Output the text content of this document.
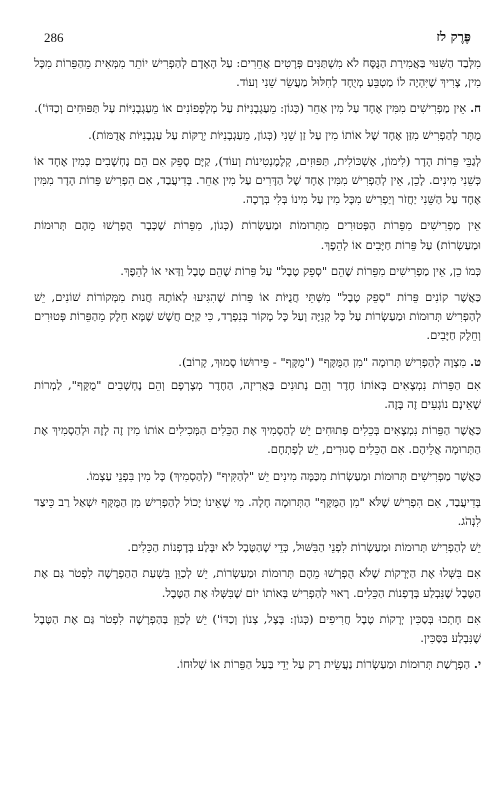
286	פֶּרֶק לז

מִלְּבַד הַשִּׁנּוּי בַּאֲמִירַת הַנֻּסָּח לֹא מִשְׁתַּנִּים פְּרָטִים אֲחֵרִים: עַל הָאָדָם לְהַפְרִישׁ יוֹתֵר מִמְּאִית מֵהַפֵּרוֹת מִכָּל מִין, צָרִיךְ שֶׁיִּהְיֶה לוֹ מַטְבֵּעַ מְיֻחָד לְחִלּוּל מַעֲשֵׂר שֵׁנִי וְעוֹד.

ח. אֵין מַפְרִישִׁים מִמִּין אֶחָד עַל מִין אַחֵר (כְּגוֹן: מֵעַגְבָנִיּוֹת עַל מְלָפְפוֹנִים אוֹ מֵעַגְבָנִיּוֹת עַל תַּפּוּחִים וְכַדּוֹ').

מֻתָּר לְהַפְרִישׁ מִזַּן אֶחָד שֶׁל אוֹתוֹ מִין עַל זַן שֵׁנִי (כְּגוֹן, מֵעַגְבָנִיּוֹת יְרֻקּוֹת עַל עַגְבָנִיּוֹת אֲדֻמּוֹת).

לְגַבֵּי פֵּרוֹת הָדָר (לִימוֹן, אֶשְׁכּוֹלִית, תַּפּוּזִים, קְלֶמֶנְטִינוֹת וְעוֹד), קַיָּם סָפֵק אִם הֵם נֶחְשָׁבִים כְּמִין אֶחָד אוֹ כְּשֵׁנִי מִינִים. לָכֵן, אֵין לְהַפְרִישׁ מִמִּין אֶחָד שֶׁל הַדָּרִים עַל מִין אַחֵר. בְּדִיעֲבַד, אִם הִפְרִישׁ פֵּרוֹת הָדָר מִמִּין אֶחָד עַל הַשֵּׁנִי יַחֲזֹר וְיַפְרִישׁ מִכָּל מִין עַל מִינוֹ בְּלִי בְּרָכָה.

אֵין מַפְרִישִׁים מִפֵּרוֹת הַפְּטוּרִים מִתְּרוּמוֹת וּמַעַשְׂרוֹת (כְּגוֹן, מִפֵּרוֹת שֶׁכְּבָר הֻפְרְשׁוּ מֵהֶם תְּרוּמוֹת וּמַעַשְׂרוֹת) עַל פֵּרוֹת חַיָּבִים אוֹ לְהֵפֶךְ.

כְּמוֹ כֵן, אֵין מַפְרִישִׁים מִפֵּרוֹת שֶׁהֵם "סְפֵק טֶבֶל" עַל פֵּרוֹת שֶׁהֵם טֶבֶל וַדַּאי אוֹ לְהֵפֶךְ.

כַּאֲשֶׁר קוֹנִים פֵּרוֹת "סְפֵק טֶבֶל" מִשְּׁתֵּי חֲנֻיּוֹת אוֹ פֵּרוֹת שֶׁהִגִּיעוּ לְאוֹתָהּ חֲנוּת מִמְּקוֹרוֹת שׁוֹנִים, יֵשׁ לְהַפְרִישׁ תְּרוּמוֹת וּמַעַשְׂרוֹת עַל כָּל קְנִיָּה וְעַל כָּל מָקוֹר בְּנִפְרָד, כִּי קַיָּם חֲשָׁשׁ שֶׁמָּא חֵלֶק מֵהַפֵּרוֹת פְּטוּרִים וְחֵלֶק חַיָּבִים.

ט. מִצְוָה לְהַפְרִישׁ תְּרוּמָה "מִן הַמֻּקָּף" ("מֻקָּף" - פֵּירוּשׁוֹ סָמוּךְ, קָרוֹב).

אִם הַפֵּרוֹת נִמְצָאִים בְּאוֹתוֹ חֶדֶר וְהֵם נְתוּנִים בַּאֲרִיזָה, הַחֶדֶר מְצָרְפָם וְהֵם נֶחְשָׁבִים "מֻקָּף", לַמְרוֹת שֶׁאֵינָם נוֹגְעִים זֶה בָּזֶה.

כַּאֲשֶׁר הַפֵּרוֹת נִמְצָאִים בְּכֵלִים פְּתוּחִים יֵשׁ לְהַסְמִיךְ אֶת הַכֵּלִים הַמְּכִילִים אוֹתוֹ מִין זֶה לָזֶה וּלְהַסְמִיךְ אֶת הַתְּרוּמָה אֲלֵיהֶם. אִם הַכֵּלִים סְגוּרִים, יֵשׁ לְפָתְחָם.

כַּאֲשֶׁר מַפְרִישִׁים תְּרוּמוֹת וּמַעַשְׂרוֹת מִכַּמָּה מִינִים יֵשׁ "לְהַקִּיף" (לְהַסְמִיךְ) כָּל מִין בִּפְנֵי עַצְמוֹ.

בְּדִיעֲבַד, אִם הִפְרִישׁ שֶׁלֹּא "מִן הַמֻּקָּף" הַתְּרוּמָה חָלָה. מִי שֶׁאֵינוֹ יָכוֹל לְהַפְרִישׁ מִן הַמֻּקָּף יִשְׁאַל רַב כֵּיצַד לִנְהֹג.

יֵשׁ לְהַפְרִישׁ תְּרוּמוֹת וּמַעַשְׂרוֹת לִפְנֵי הַבִּשּׁוּל, כְּדֵי שֶׁהַטֶּבֶל לֹא יִבָּלַע בְּדָפְנוֹת הַכֵּלִים.

אִם בִּשְּׁלוּ אֶת הַיְּרָקוֹת שֶׁלֹּא הֻפְרְשׁוּ מֵהֶם תְּרוּמוֹת וּמַעַשְׂרוֹת, יֵשׁ לְכַוֵּן בִּשְׁעַת הַהַפְרָשָׁה לִפְטֹר גַּם אֶת הַטֶּבֶל שֶׁנִּבְלַע בְּדָפְנוֹת הַכֵּלִים. רָאוּי לְהַפְרִישׁ בְּאוֹתוֹ יוֹם שֶׁבִּשְּׁלוּ אֶת הַטֶּבֶל.

אִם חָתְכוּ בְּסַכִּין יְרָקוֹת טֶבֶל חֲרִיפִים (כְּגוֹן: בָּצָל, צְנוֹן וְכַדּוֹ') יֵשׁ לְכַוֵּן בַּהַפְרָשָׁה לִפְטֹר גַּם אֶת הַטֶּבֶל שֶׁנִּבְלַע בַּסַּכִּין.

י. הַפְרָשַׁת תְּרוּמוֹת וּמַעַשְׂרוֹת נַעֲשֵׂית רַק עַל יְדֵי בַּעַל הַפֵּרוֹת אוֹ שְׁלוּחוֹ.
